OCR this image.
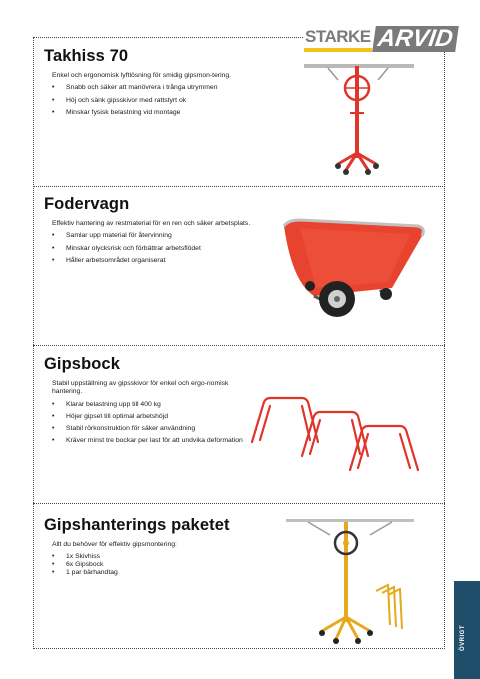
STARKE ARVID
Takhiss 70

Enkel och ergonomisk lyftlösning för smidig gipsmon-tering.

• Snabb och säker att manövrera i trånga utrymmen
• Höj och sänk gipsskivor med rattstyrt ok
• Minskar fysisk belastning vid montage
Fodervagn

Effektiv hantering av restmaterial för en ren och säker arbetsplats.

• Samlar upp material för återvinning
• Minskar olycksrisk och förbättrar arbetsflödet
• Håller arbetsområdet organiserat
Gipsbock

Stabil uppställning av gipsskivor för enkel och ergo-nomisk hantering.

• Klarar belastning upp till 400 kg
• Höjer gipset till optimal arbetshöjd
• Stabil rörkonstruktion för säker användning
• Kräver minst tre bockar per last för att undvika deformation
Gipshanterings paketet

Allt du behöver för effektiv gipsmontering:

• 1x Skivhiss
• 6x Gipsbock
• 1 par bärhandtag
ÖVRIGT
